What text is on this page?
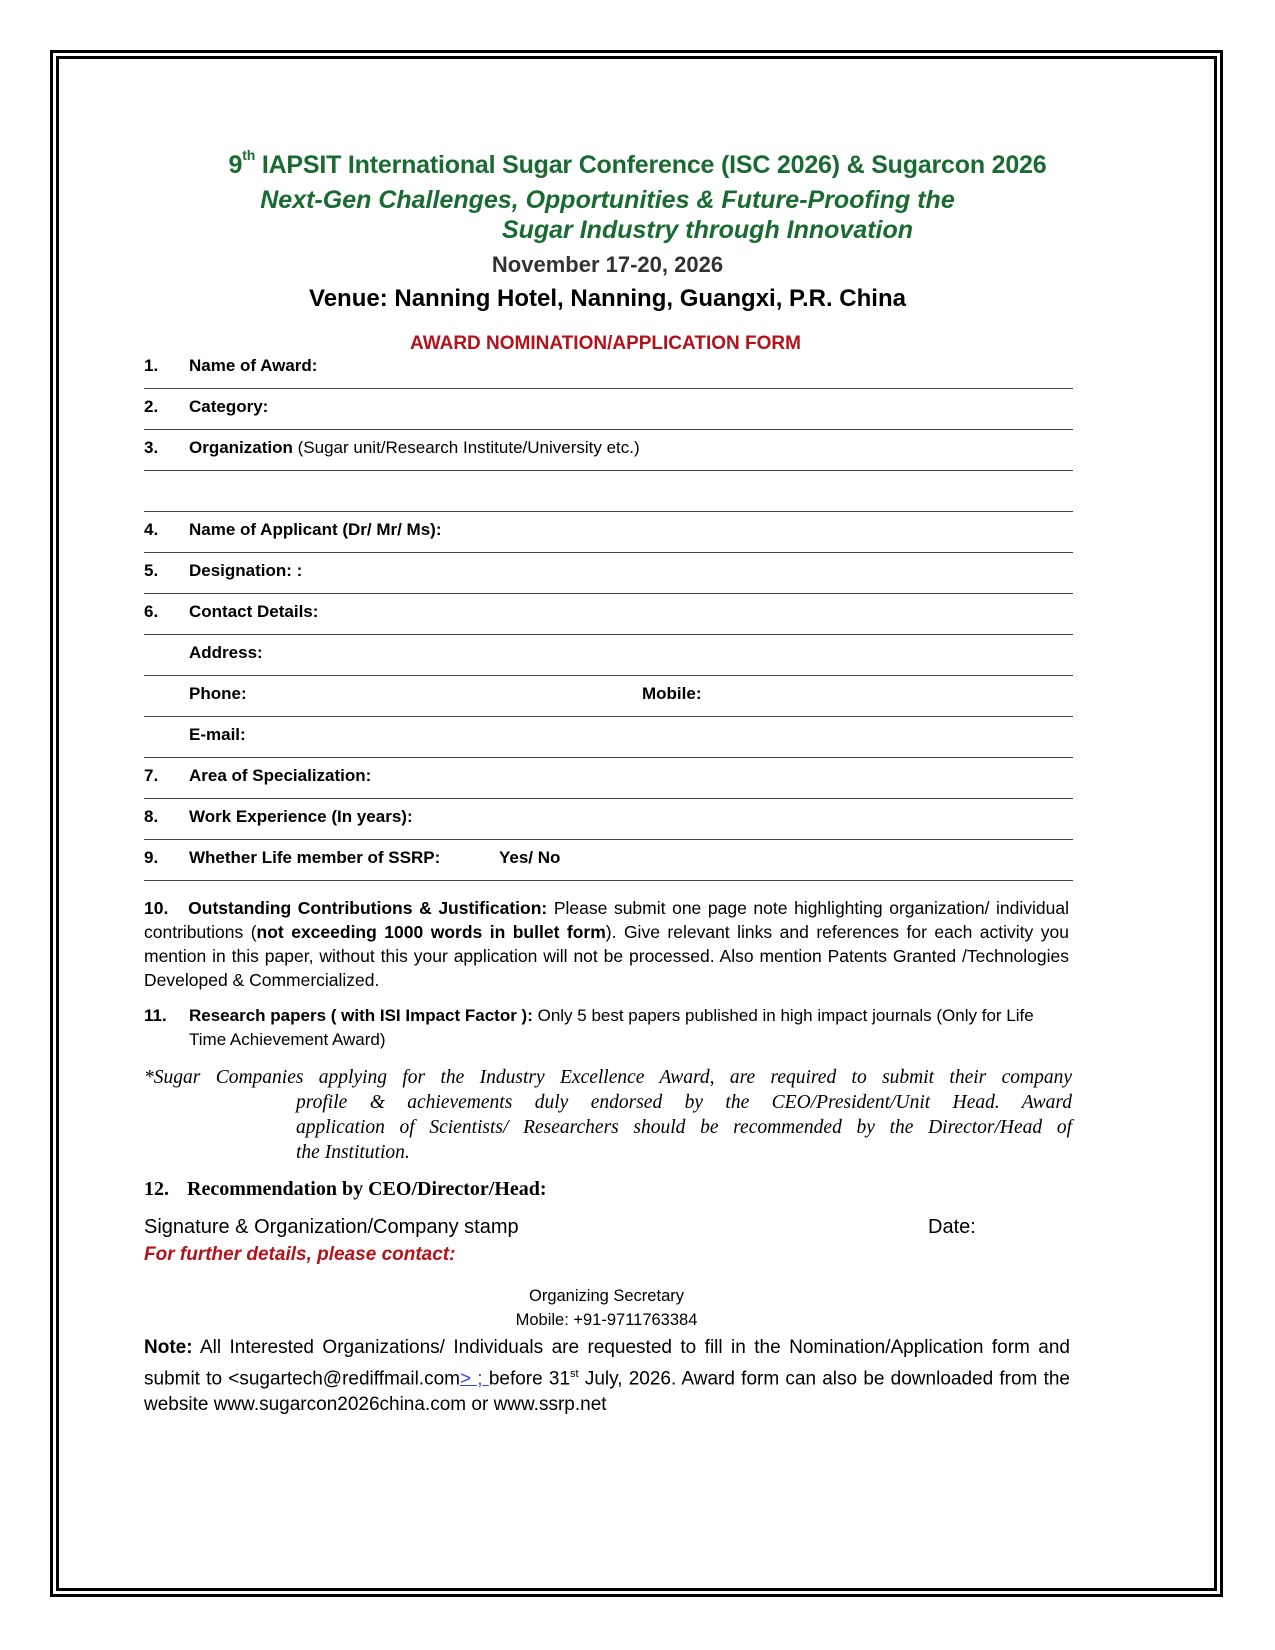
9th IAPSIT International Sugar Conference (ISC 2026) & Sugarcon 2026
Next-Gen Challenges, Opportunities & Future-Proofing the
Sugar Industry through Innovation
November 17-20, 2026
Venue: Nanning Hotel, Nanning, Guangxi, P.R. China
AWARD NOMINATION/APPLICATION FORM
1. Name of Award:
2. Category:
3. Organization (Sugar unit/Research Institute/University etc.)
4. Name of Applicant (Dr/ Mr/ Ms):
5. Designation: :
6. Contact Details:
Address:
Phone:	Mobile:
E-mail:
7. Area of Specialization:
8. Work Experience (In years):
9. Whether Life member of SSRP:	Yes/ No
10. Outstanding Contributions & Justification: Please submit one page note highlighting organization/ individual contributions (not exceeding 1000 words in bullet form). Give relevant links and references for each activity you mention in this paper, without this your application will not be processed. Also mention Patents Granted /Technologies Developed & Commercialized.
11. Research papers ( with ISI Impact Factor ): Only 5 best papers published in high impact journals (Only for Life Time Achievement Award)
*Sugar Companies applying for the Industry Excellence Award, are required to submit their company
profile & achievements duly endorsed by the CEO/President/Unit Head. Award
application of Scientists/ Researchers should be recommended by the Director/Head of
the Institution.
12. Recommendation by CEO/Director/Head:
Signature & Organization/Company stamp	Date:
For further details, please contact:
Organizing Secretary
Mobile: +91-9711763384
Note: All Interested Organizations/ Individuals are requested to fill in the Nomination/Application form and submit to <sugartech@rediffmail.com> ; before 31st July, 2026. Award form can also be downloaded from the website www.sugarcon2026china.com or www.ssrp.net
